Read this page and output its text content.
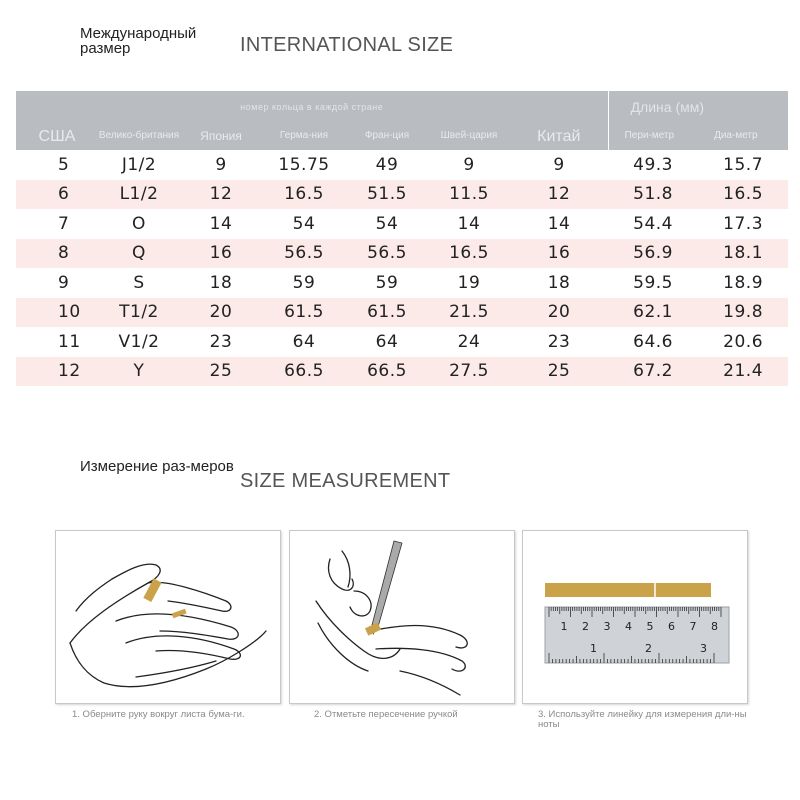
Международный размер	INTERNATIONAL SIZE
номер кольца в каждой стране							Длина (мм)	
США	Велико-британия	Япония	Герма-ния	Фран-ция	Швей-цария	Китай	Пери-метр	Диа-метр
5	J1/2	9	15.75	49	9	9	49.3	15.7
6	L1/2	12	16.5	51.5	11.5	12	51.8	16.5
7	O	14	54	54	14	14	54.4	17.3
8	Q	16	56.5	56.5	16.5	16	56.9	18.1
9	S	18	59	59	19	18	59.5	18.9
10	T1/2	20	61.5	61.5	21.5	20	62.1	19.8
11	V1/2	23	64	64	24	23	64.6	20.6
12	Y	25	66.5	66.5	27.5	25	67.2	21.4
Измерение раз-меров
SIZE MEASUREMENT
1 2 3 4 5 6 7 8
1	2	3
1. Оберните руку вокруг листа бума-ги.	2. Отметьте пересечение ручкой	3. Используйте линейку для измерения дли-ны ноты
